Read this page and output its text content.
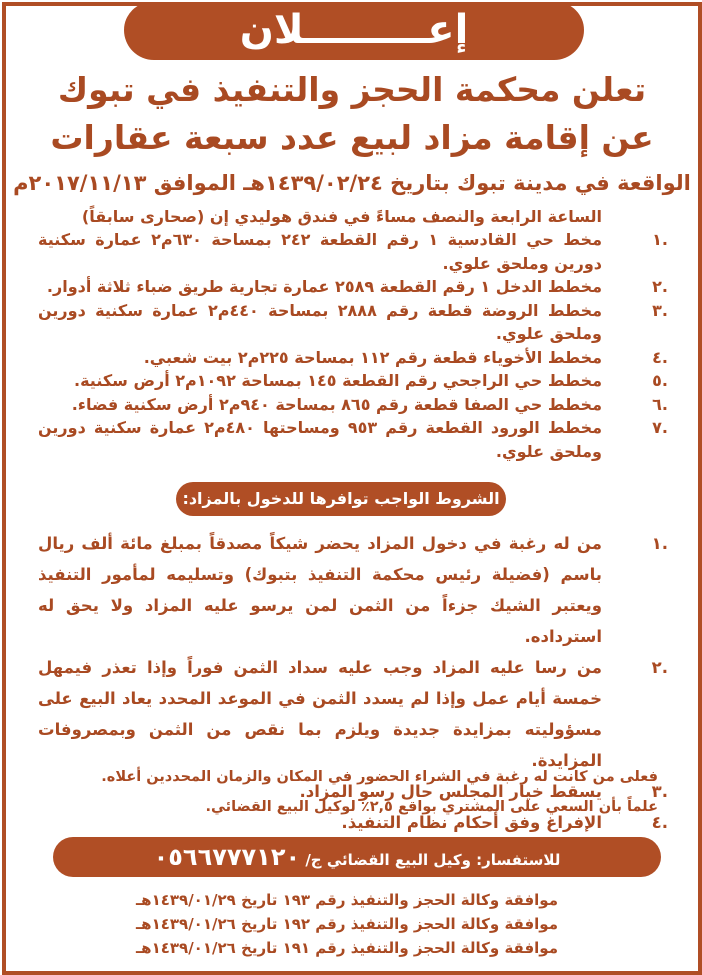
إعـــــــــلان
تعلن محكمة الحجز والتنفيذ في تبوك
عن إقامة مزاد لبيع عدد سبعة عقارات
الواقعة في مدينة تبوك بتاريخ ١٤٣٩/٠٢/٢٤هـ الموافق ٢٠١٧/١١/١٣م
الساعة الرابعة والنصف مساءً في فندق هوليدي إن (صحارى سابقاً)
.١
مخط حي القادسية ١ رقم القطعة ٢٤٢ بمساحة ٦٣٠م٢ عمارة سكنية دورين وملحق علوي.
.٢
مخطط الدخل ١ رقم القطعة ٢٥٨٩ عمارة تجارية طريق ضباء ثلاثة أدوار.
.٣
مخطط الروضة قطعة رقم ٢٨٨٨ بمساحة ٤٤٠م٢ عمارة سكنية دورين وملحق علوي.
.٤
مخطط الأخوياء قطعة رقم ١١٢ بمساحة ٢٢٥م٢ بيت شعبي.
.٥
مخطط حي الراجحي رقم القطعة ١٤٥ بمساحة ١٠٩٢م٢ أرض سكنية.
.٦
مخطط حي الصفا قطعة رقم ٨٦٥ بمساحة ٩٤٠م٢ أرض سكنية فضاء.
.٧
مخطط الورود القطعة رقم ٩٥٣ ومساحتها ٤٨٠م٢ عمارة سكنية دورين وملحق علوي.
الشروط الواجب توافرها للدخول بالمزاد:
.١
من له رغبة في دخول المزاد يحضر شيكاً مصدقاً بمبلغ مائة ألف ريال باسم (فضيلة رئيس محكمة التنفيذ بتبوك) وتسليمه لمأمور التنفيذ ويعتبر الشيك جزءاً من الثمن لمن يرسو عليه المزاد ولا يحق له استرداده.
.٢
من رسا عليه المزاد وجب عليه سداد الثمن فوراً وإذا تعذر فيمهل خمسة أيام عمل وإذا لم يسدد الثمن في الموعد المحدد يعاد البيع على مسؤوليته بمزايدة جديدة ويلزم بما نقص من الثمن وبمصروفات المزايدة.
.٣
يسقط خيار المجلس حال رسو المزاد.
.٤
الإفراغ وفق أحكام نظام التنفيذ.
فعلى من كانت له رغبة في الشراء الحضور في المكان والزمان المحددين أعلاه.
علماً بأن السعي على المشتري بواقع ٢,٥٪ لوكيل البيع القضائي.
للاستفسار: وكيل البيع القضائي ج/ ٠٥٦٦٧٧٧١٢٠
موافقة وكالة الحجز والتنفيذ رقم ١٩٣ تاريخ ١٤٣٩/٠١/٢٩هـ
موافقة وكالة الحجز والتنفيذ رقم ١٩٢ تاريخ ١٤٣٩/٠١/٢٦هـ
موافقة وكالة الحجز والتنفيذ رقم ١٩١ تاريخ ١٤٣٩/٠١/٢٦هـ
